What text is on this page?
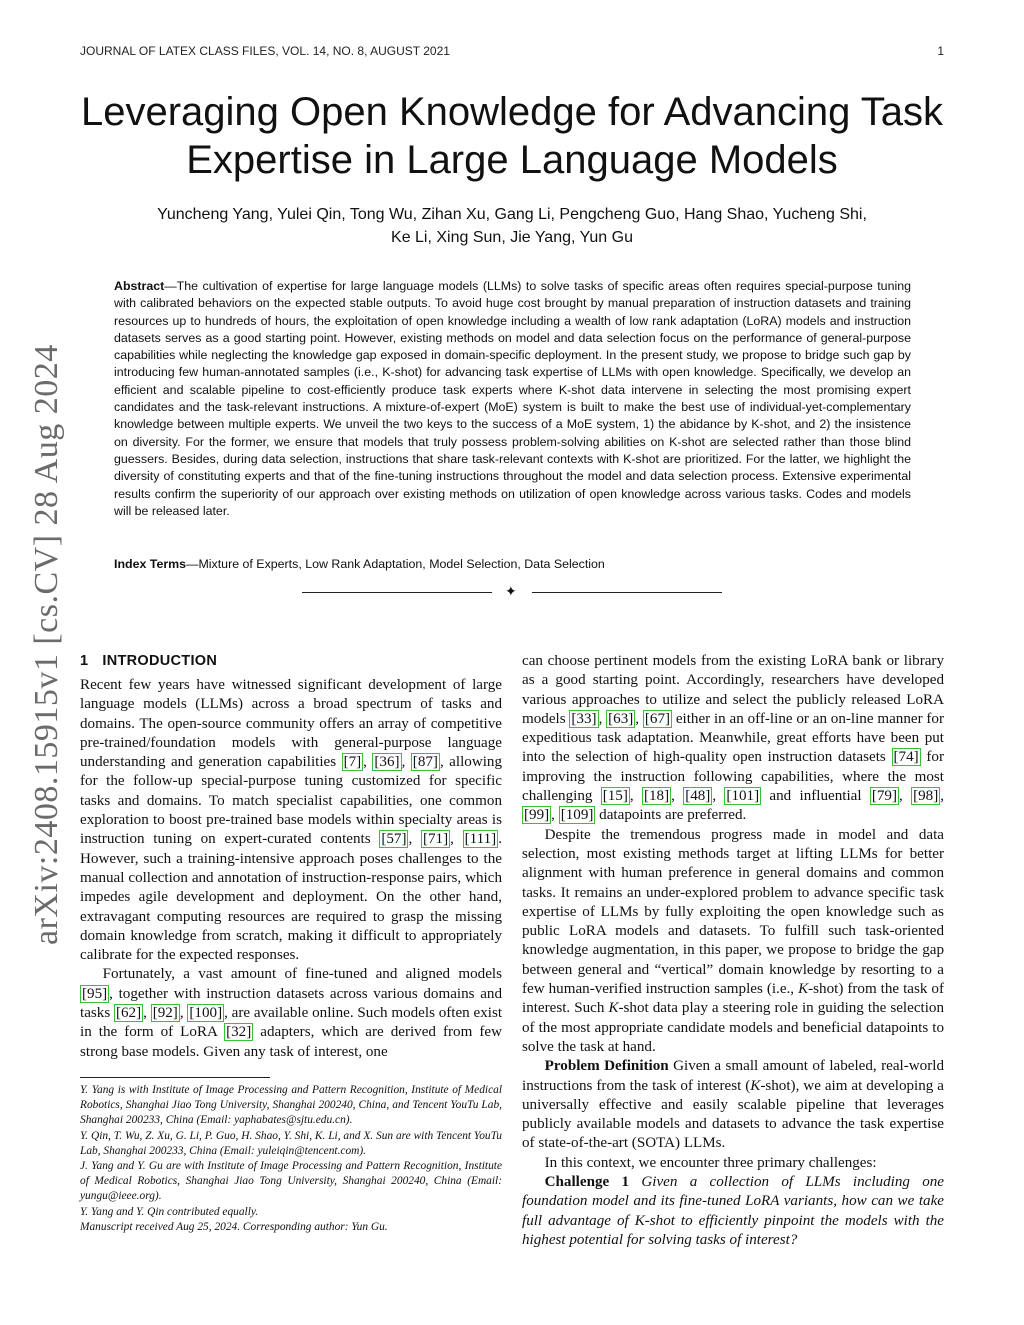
JOURNAL OF LATEX CLASS FILES, VOL. 14, NO. 8, AUGUST 2021	1
Leveraging Open Knowledge for Advancing Task
Expertise in Large Language Models
Yuncheng Yang, Yulei Qin, Tong Wu, Zihan Xu, Gang Li, Pengcheng Guo, Hang Shao, Yucheng Shi,
Ke Li, Xing Sun, Jie Yang, Yun Gu
Abstract—The cultivation of expertise for large language models (LLMs) to solve tasks of specific areas often requires special-purpose tuning with calibrated behaviors on the expected stable outputs. To avoid huge cost brought by manual preparation of instruction datasets and training resources up to hundreds of hours, the exploitation of open knowledge including a wealth of low rank adaptation (LoRA) models and instruction datasets serves as a good starting point. However, existing methods on model and data selection focus on the performance of general-purpose capabilities while neglecting the knowledge gap exposed in domain-specific deployment. In the present study, we propose to bridge such gap by introducing few human-annotated samples (i.e., K-shot) for advancing task expertise of LLMs with open knowledge. Specifically, we develop an efficient and scalable pipeline to cost-efficiently produce task experts where K-shot data intervene in selecting the most promising expert candidates and the task-relevant instructions. A mixture-of-expert (MoE) system is built to make the best use of individual-yet-complementary knowledge between multiple experts. We unveil the two keys to the success of a MoE system, 1) the abidance by K-shot, and 2) the insistence on diversity. For the former, we ensure that models that truly possess problem-solving abilities on K-shot are selected rather than those blind guessers. Besides, during data selection, instructions that share task-relevant contexts with K-shot are prioritized. For the latter, we highlight the diversity of constituting experts and that of the fine-tuning instructions throughout the model and data selection process. Extensive experimental results confirm the superiority of our approach over existing methods on utilization of open knowledge across various tasks. Codes and models will be released later.
Index Terms—Mixture of Experts, Low Rank Adaptation, Model Selection, Data Selection
✦
arXiv:2408.15915v1 [cs.CV] 28 Aug 2024 1 INTRODUCTION

Recent few years have witnessed significant development of large language models (LLMs) across a broad spectrum of tasks and domains. The open-source community offers an array of competitive pre-trained/foundation models with general-purpose language understanding and generation capabilities [7] , [36] , [87] , allowing for the follow-up special-purpose tuning customized for specific tasks and domains. To match specialist capabilities, one common exploration to boost pre-trained base models within specialty areas is instruction tuning on expert-curated contents [57] , [71] , [111] . However, such a training-intensive approach poses challenges to the manual collection and annotation of instruction-response pairs, which impedes agile development and deployment. On the other hand, extravagant computing resources are required to grasp the missing domain knowledge from scratch, making it difficult to appropriately calibrate for the expected responses.

Fortunately, a vast amount of fine-tuned and aligned models [95] , together with instruction datasets across various domains and tasks [62] , [92] , [100] , are available online. Such models often exist in the form of LoRA [32] adapters, which are derived from few strong base models. Given any task of interest, one

Y. Yang is with Institute of Image Processing and Pattern Recognition, Institute of Medical Robotics, Shanghai Jiao Tong University, Shanghai 200240, China, and Tencent YouTu Lab, Shanghai 200233, China (Email: yaphabates@sjtu.edu.cn).

Y. Qin, T. Wu, Z. Xu, G. Li, P. Guo, H. Shao, Y. Shi, K. Li, and X. Sun are with Tencent YouTu Lab, Shanghai 200233, China (Email: yuleiqin@tencent.com).

J. Yang and Y. Gu are with Institute of Image Processing and Pattern Recognition, Institute of Medical Robotics, Shanghai Jiao Tong University, Shanghai 200240, China (Email: yungu@ieee.org).

Y. Yang and Y. Qin contributed equally.

Manuscript received Aug 25, 2024. Corresponding author: Yun Gu.

can choose pertinent models from the existing LoRA bank or library as a good starting point. Accordingly, researchers have developed various approaches to utilize and select the publicly released LoRA models [33] , [63] , [67] either in an off-line or an on-line manner for expeditious task adaptation. Meanwhile, great efforts have been put into the selection of high-quality open instruction datasets [74] for improving the instruction following capabilities, where the most challenging [15] , [18] , [48] , [101] and influential [79] , [98] , [99] , [109] datapoints are preferred.

Despite the tremendous progress made in model and data selection, most existing methods target at lifting LLMs for better alignment with human preference in general domains and common tasks. It remains an under-explored problem to advance specific task expertise of LLMs by fully exploiting the open knowledge such as public LoRA models and datasets. To fulfill such task-oriented knowledge augmentation, in this paper, we propose to bridge the gap between general and “vertical” domain knowledge by resorting to a few human-verified instruction samples (i.e., K-shot) from the task of interest. Such K-shot data play a steering role in guiding the selection of the most appropriate candidate models and beneficial datapoints to solve the task at hand.

Problem Definition Given a small amount of labeled, real-world instructions from the task of interest (K-shot), we aim at developing a universally effective and easily scalable pipeline that leverages publicly available models and datasets to advance the task expertise of state-of-the-art (SOTA) LLMs.

In this context, we encounter three primary challenges:

Challenge 1 Given a collection of LLMs including one foundation model and its fine-tuned LoRA variants, how can we take full advantage of K-shot to efficiently pinpoint the models with the highest potential for solving tasks of interest?
